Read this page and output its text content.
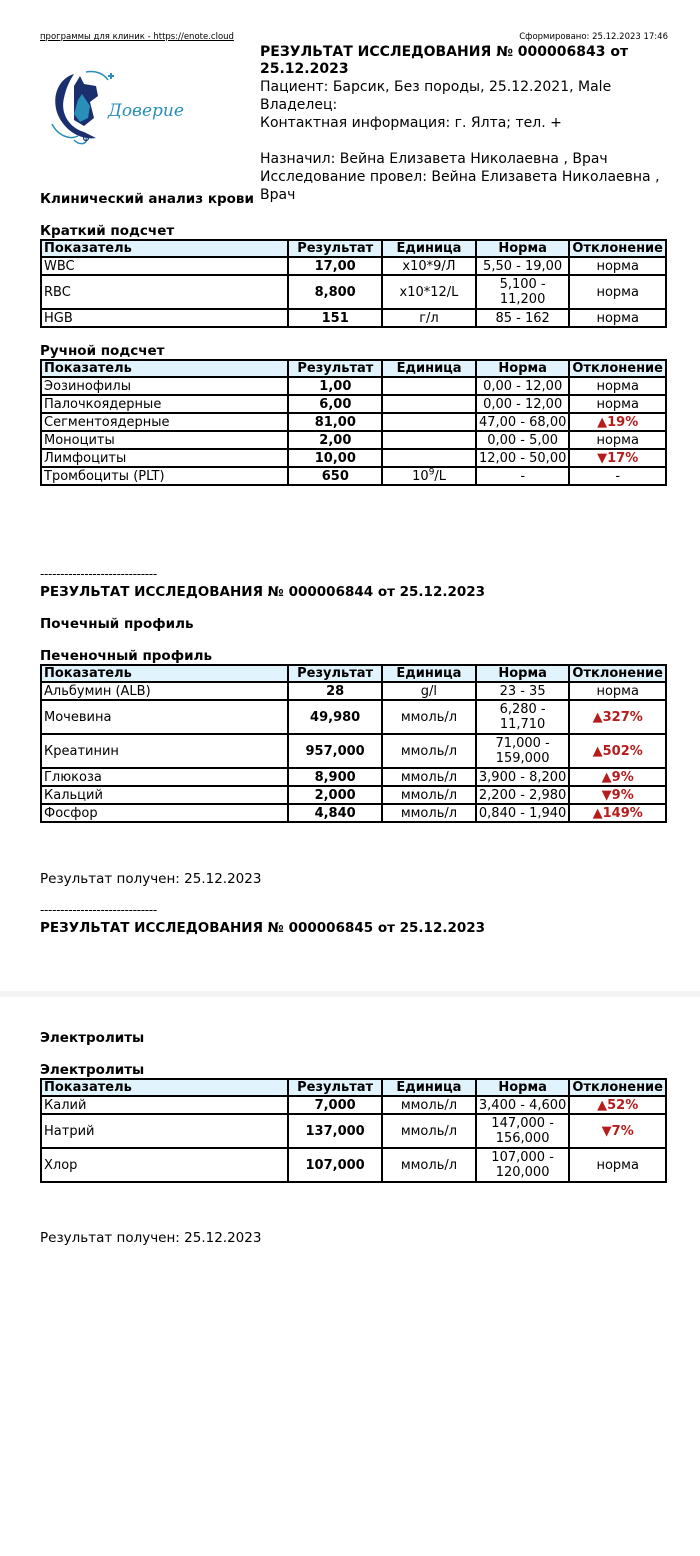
программы для клиник - https://enote.cloud	Сформировано: 25.12.2023 17:46
Доверие
РЕЗУЛЬТАТ ИССЛЕДОВАНИЯ № 000006843 от 25.12.2023
Пациент: Барсик, Без породы, 25.12.2021, Male
Владелец:
Контактная информация: г. Ялта; тел. +
Назначил: Вейна Елизавета Николаевна , Врач
Исследование провел: Вейна Елизавета Николаевна , Врач
Клинический анализ крови
Краткий подсчет
Показатель	Результат	Единица	Норма	Отклонение
WBC	17,00	x10*9/Л	5,50 - 19,00	норма
RBC	8,800	x10*12/L	5,100 - 11,200	норма
HGB	151	г/л	85 - 162	норма
Ручной подсчет
Показатель	Результат	Единица	Норма	Отклонение
Эозинофилы	1,00		0,00 - 12,00	норма
Палочкоядерные	6,00		0,00 - 12,00	норма
Сегментоядерные	81,00		47,00 - 68,00	▲19%
Моноциты	2,00		0,00 - 5,00	норма
Лимфоциты	10,00		12,00 - 50,00	▼17%
Тромбоциты (PLT)	650	$10^9/L$	-	-
-----------------------------
РЕЗУЛЬТАТ ИССЛЕДОВАНИЯ № 000006844 от 25.12.2023
Почечный профиль
Печеночный профиль
Показатель	Результат	Единица	Норма	Отклонение
Альбумин (ALB)	28	g/l	23 - 35	норма
Мочевина	49,980	ммоль/л	6,280 - 11,710	▲327%
Креатинин	957,000	ммоль/л	71,000 - 159,000	▲502%
Глюкоза	8,900	ммоль/л	3,900 - 8,200	▲9%
Кальций	2,000	ммоль/л	2,200 - 2,980	▼9%
Фосфор	4,840	ммоль/л	0,840 - 1,940	▲149%
Результат получен: 25.12.2023
-----------------------------
РЕЗУЛЬТАТ ИССЛЕДОВАНИЯ № 000006845 от 25.12.2023
Электролиты
Электролиты
Показатель	Результат	Единица	Норма	Отклонение
Калий	7,000	ммоль/л	3,400 - 4,600	▲52%
Натрий	137,000	ммоль/л	147,000 - 156,000	▼7%
Хлор	107,000	ммоль/л	107,000 - 120,000	норма
Результат получен: 25.12.2023
